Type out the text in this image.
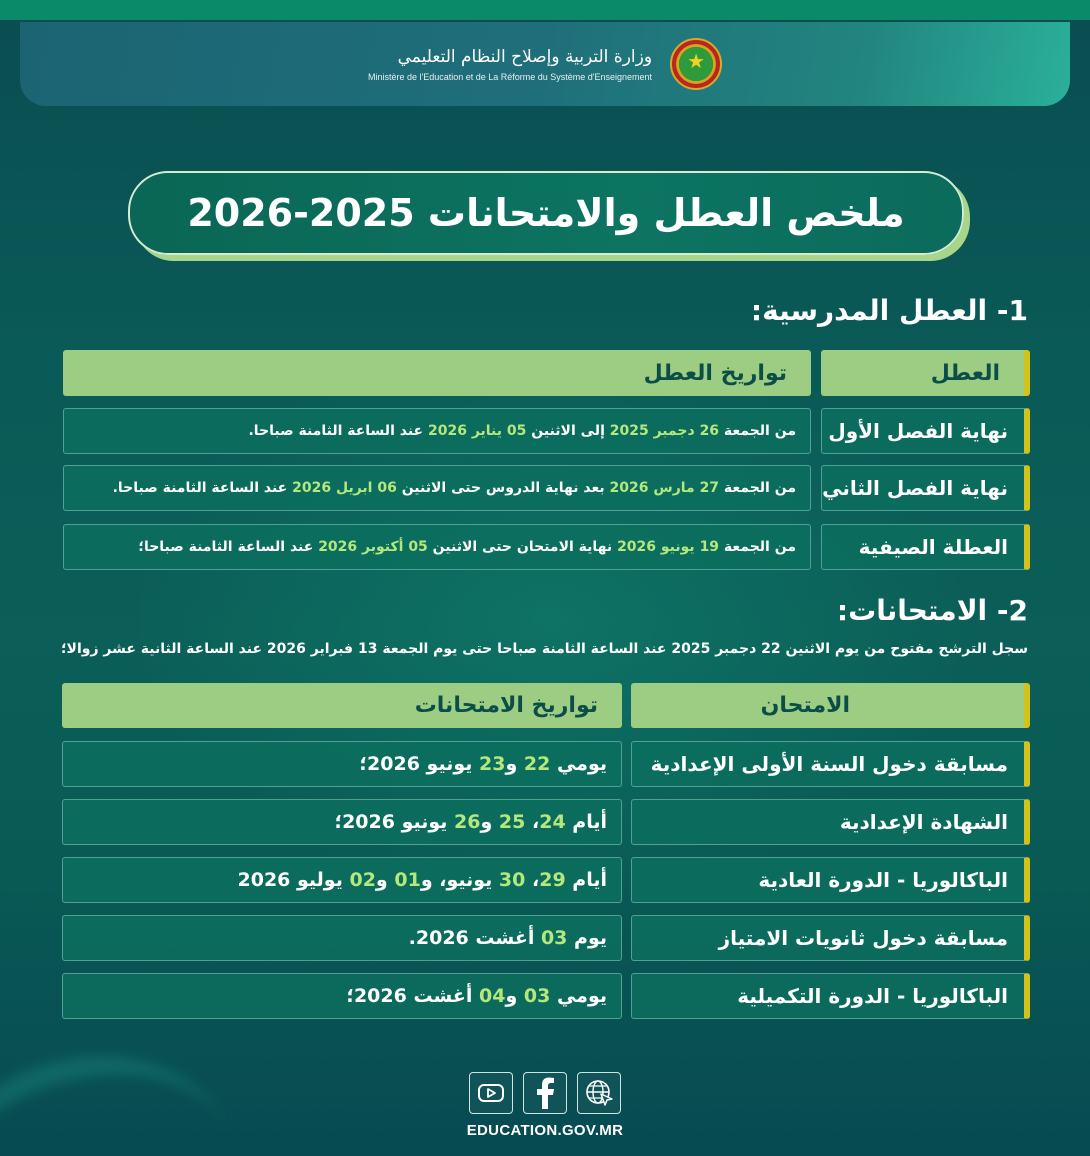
وزارة التربية وإصلاح النظام التعليمي
Ministère de l'Education et de La Réforme du Système d'Enseignement
★
ملخص العطل والامتحانات 2025-2026
1- العطل المدرسية:
العطل
تواريخ العطل
نهاية الفصل الأول
من الجمعة 26 دجمبر 2025 إلى الاثنين 05 يناير 2026 عند الساعة الثامنة صباحا.
نهاية الفصل الثاني
من الجمعة 27 مارس 2026 بعد نهاية الدروس حتى الاثنين 06 ابريل 2026 عند الساعة الثامنة صباحا.
العطلة الصيفية
من الجمعة 19 يونيو 2026 نهاية الامتحان حتى الاثنين 05 أكتوبر 2026 عند الساعة الثامنة صباحا؛
2- الامتحانات:
سجل الترشح مفتوح من يوم الاثنين 22 دجمبر 2025 عند الساعة الثامنة صباحا حتى يوم الجمعة 13 فبراير 2026 عند الساعة الثانية عشر زوالا؛
الامتحان
تواريخ الامتحانات
مسابقة دخول السنة الأولى الإعدادية
يومي 22 و23 يونيو 2026؛
الشهادة الإعدادية
أيام 24، 25 و26 يونيو 2026؛
الباكالوريا - الدورة العادية
أيام 29، 30 يونيو، و01 و02 يوليو 2026
مسابقة دخول ثانويات الامتياز
يوم 03 أغشت 2026.
الباكالوريا - الدورة التكميلية
يومي 03 و04 أغشت 2026؛
EDUCATION.GOV.MR
